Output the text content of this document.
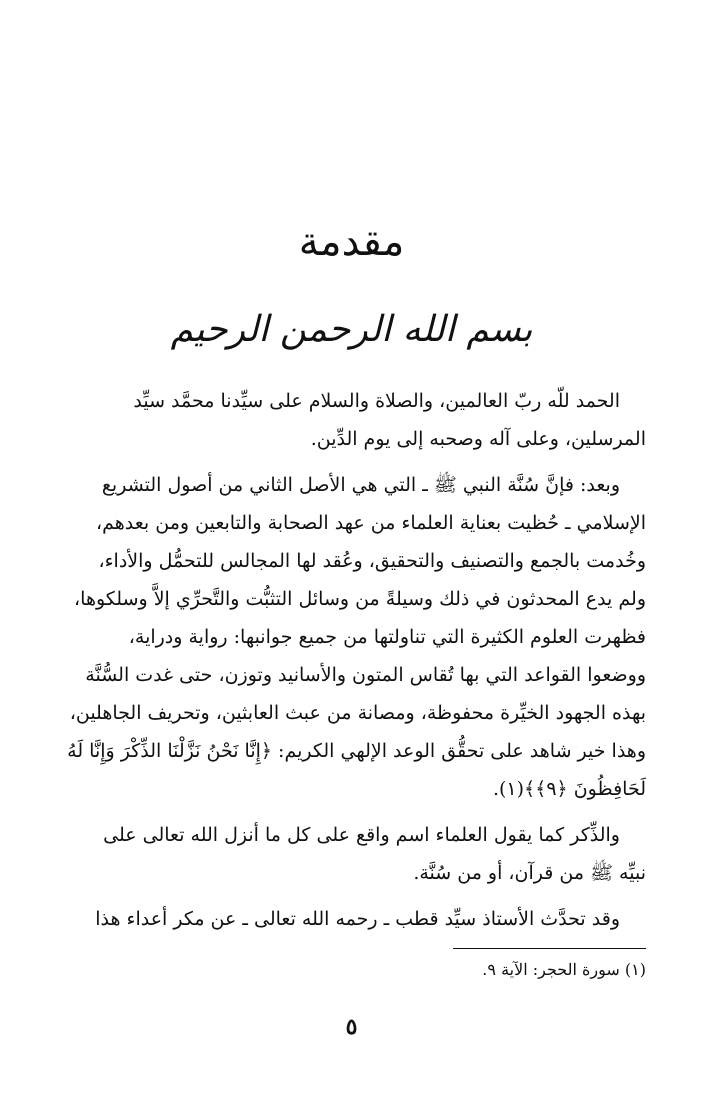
مقدمة
بسم الله الرحمن الرحيم
الحمد للّه ربّ العالمين، والصلاة والسلام على سيِّدنا محمَّد سيِّد
المرسلين، وعلى آله وصحبه إلى يوم الدِّين.
وبعد: فإنَّ سُنَّة النبي ﷺ ـ التي هي الأصل الثاني من أصول التشريع
الإسلامي ـ حُظيت بعناية العلماء من عهد الصحابة والتابعين ومن بعدهم،
وخُدمت بالجمع والتصنيف والتحقيق، وعُقد لها المجالس للتحمُّل والأداء،
ولم يدع المحدثون في ذلك وسيلةً من وسائل التثبُّت والتَّحرِّي إلاَّ وسلكوها،
فظهرت العلوم الكثيرة التي تناولتها من جميع جوانبها: رواية ودراية،
ووضعوا القواعد التي بها تُقاس المتون والأسانيد وتوزن، حتى غدت السُّنَّة
بهذه الجهود الخيِّرة محفوظة، ومصانة من عبث العابثين، وتحريف الجاهلين،
وهذا خير شاهد على تحقُّق الوعد الإلهي الكريم: ﴿إِنَّا نَحْنُ نَزَّلْنَا الذِّكْرَ وَإِنَّا لَهُ
لَحَافِظُونَ ﴿٩﴾﴾(١).
والذِّكر كما يقول العلماء اسم واقع على كل ما أنزل الله تعالى على
نبيِّه ﷺ من قرآن، أو من سُنَّة.
وقد تحدَّث الأستاذ سيِّد قطب ـ رحمه الله تعالى ـ عن مكر أعداء هذا
(١) سورة الحجر: الآية ٩.
٥
